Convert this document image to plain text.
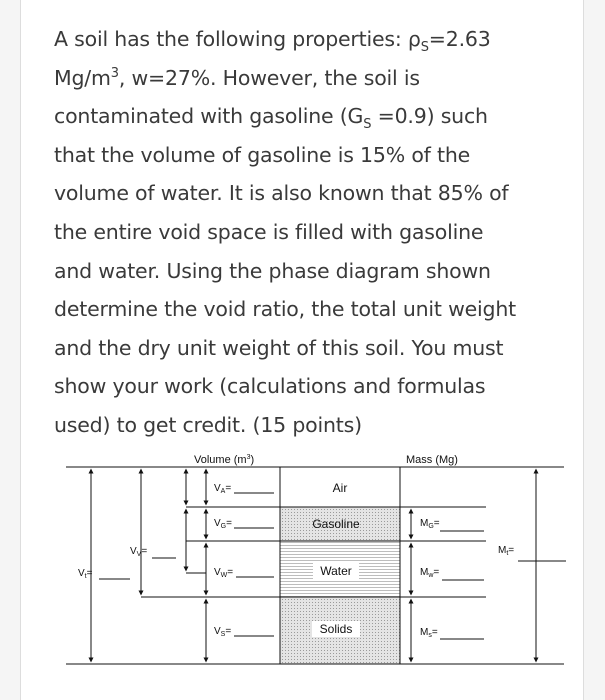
A soil has the following properties: $\rho_S=2.63$
$Mg/m^3$, w=27%. However, the soil is
contaminated with gasoline $(G_S =0.9)$ such
that the volume of gasoline is 15% of the
volume of water. It is also known that 85% of
the entire void space is filled with gasoline
and water. Using the phase diagram shown
determine the void ratio, the total unit weight
and the dry unit weight of this soil. You must
show your work (calculations and formulas
used) to get credit. (15 points)

Volume $(m^3)$	Mass (Mg)
Air
Gasoline
Water
Solids
$V_A=$
$V_G=$
$V_W=$
$V_S=$
$V_V=$
$V_t=$
$M_G=$
$M_w=$
$M_s=$
$M_t=$
